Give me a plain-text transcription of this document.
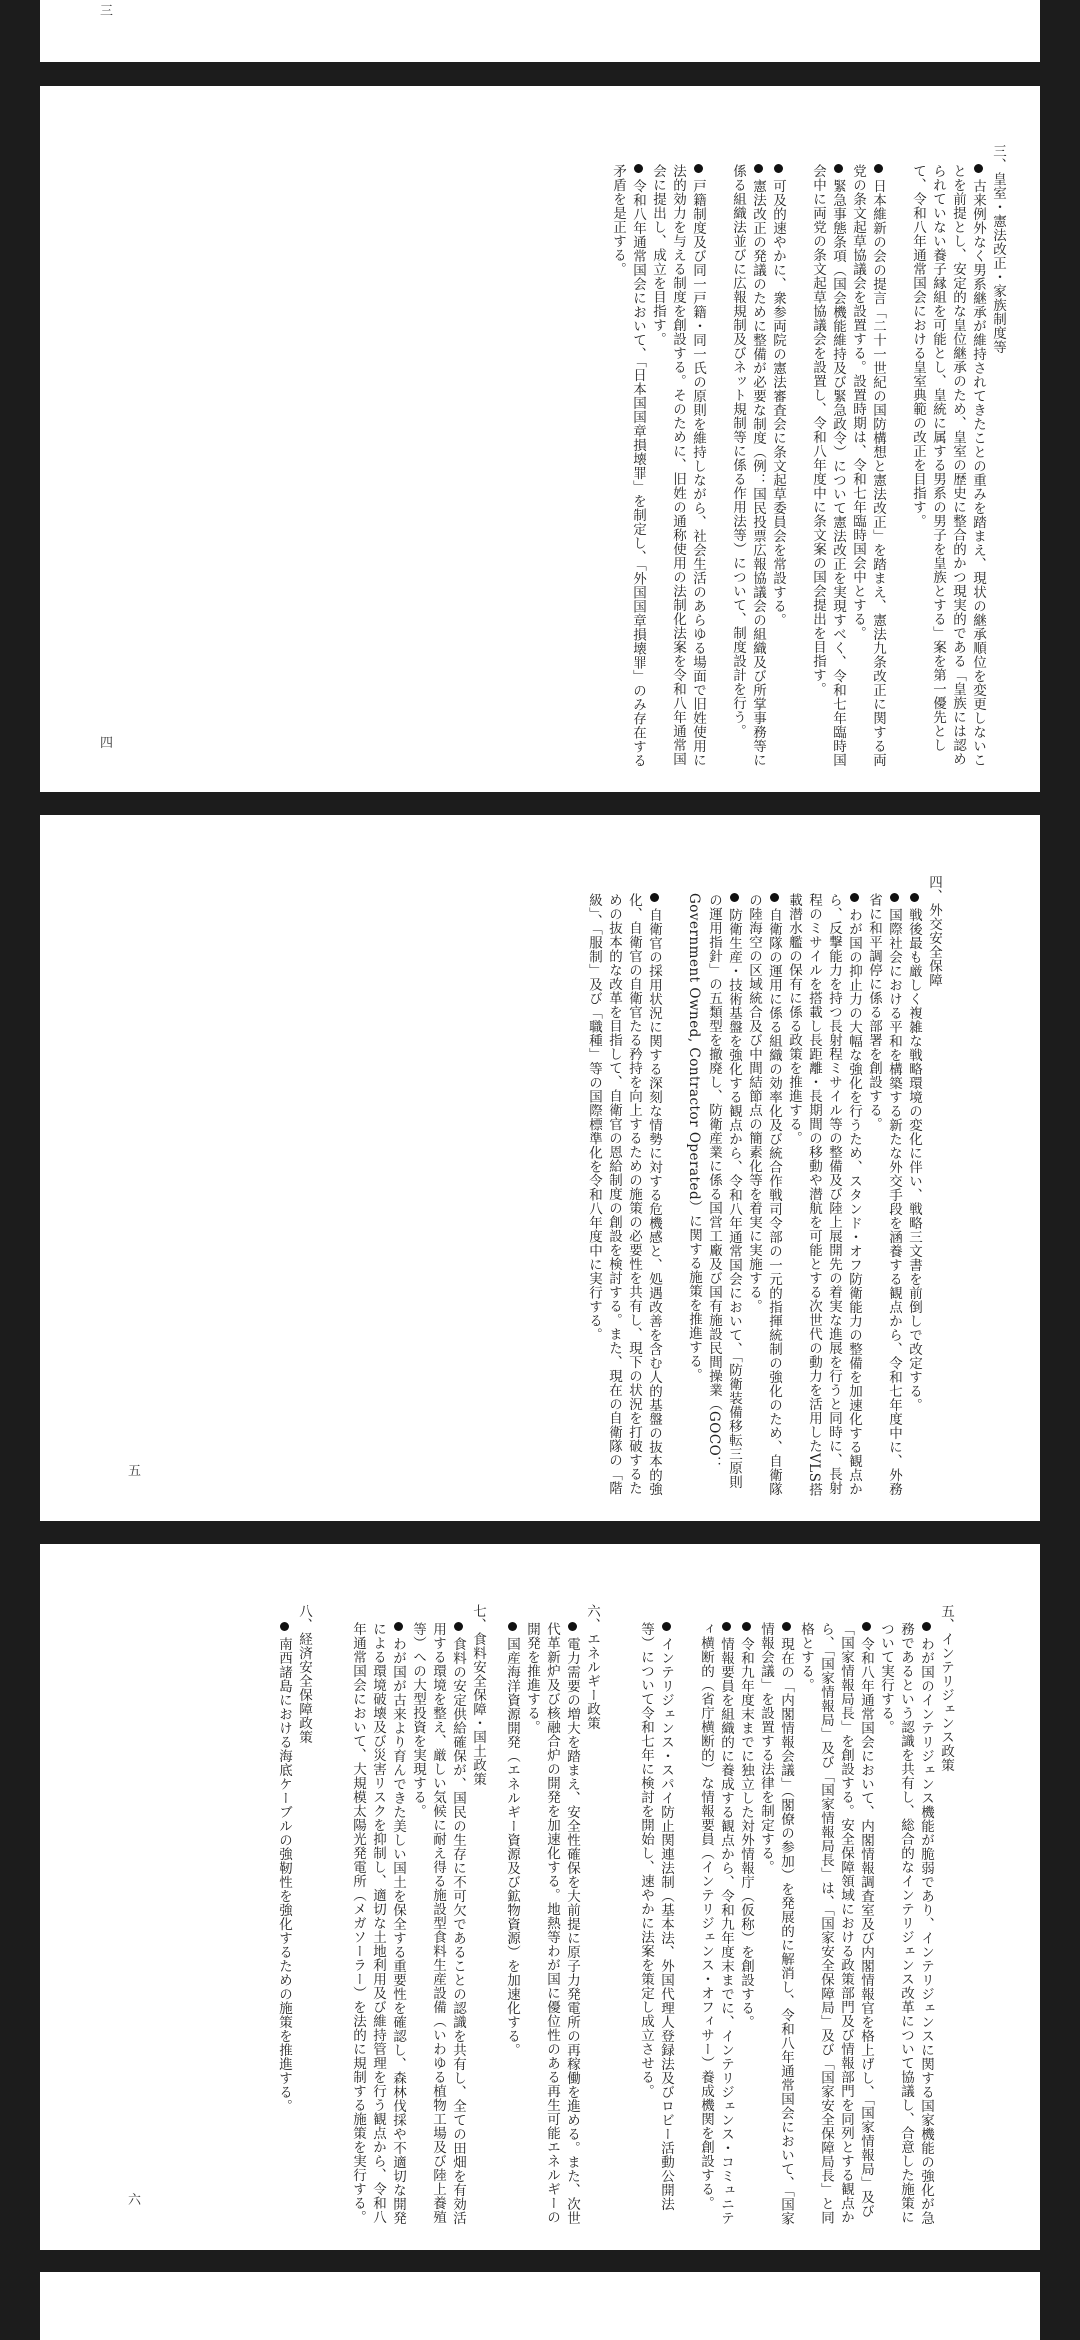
三
三、皇室・憲法改正・家族制度等
四	古来例外なく男系継承が維持されてきたことの重みを踏まえ、現状の継承順位を変更しないことを前提とし、安定的な皇位継承のため、皇室の歴史に整合的かつ現実的である「皇族には認められていない養子縁組を可能とし、皇統に属する男系の男子を皇族とする」案を第一優先として、令和八年通常国会における皇室典範の改正を目指す。
日本維新の会の提言「二十一世紀の国防構想と憲法改正」を踏まえ、憲法九条改正に関する両党の条文起草協議会を設置する。設置時期は、令和七年臨時国会中とする。
緊急事態条項（国会機能維持及び緊急政令）について憲法改正を実現すべく、令和七年臨時国会中に両党の条文起草協議会を設置し、令和八年度中に条文案の国会提出を目指す。
可及的速やかに、衆参両院の憲法審査会に条文起草委員会を常設する。
憲法改正の発議のために整備が必要な制度（例：国民投票広報協議会の組織及び所掌事務等に係る組織法並びに広報規制及びネット規制等に係る作用法等）について、制度設計を行う。
戸籍制度及び同一戸籍・同一氏の原則を維持しながら、社会生活のあらゆる場面で旧姓使用に法的効力を与える制度を創設する。そのために、旧姓の通称使用の法制化法案を令和八年通常国会に提出し、成立を目指す。
令和八年通常国会において、「日本国国章損壊罪」を制定し、「外国国章損壊罪」のみ存在する矛盾を是正する。
四、外交安全保障
五
戦後最も厳しく複雑な戦略環境の変化に伴い、戦略三文書を前倒しで改定する。
国際社会における平和を構築する新たな外交手段を涵養する観点から、令和七年度中に、外務省に和平調停に係る部署を創設する。
わが国の抑止力の大幅な強化を行うため、スタンド・オフ防衛能力の整備を加速化する観点から、反撃能力を持つ長射程ミサイル等の整備及び陸上展開先の着実な進展を行うと同時に、長射程のミサイルを搭載し長距離・長期間の移動や潜航を可能とする次世代の動力を活用したVLS搭載潜水艦の保有に係る政策を推進する。
自衛隊の運用に係る組織の効率化及び統合作戦司令部の一元的指揮統制の強化のため、自衛隊の陸海空の区域統合及び中間結節点の簡素化等を着実に実施する。
防衛生産・技術基盤を強化する観点から、令和八年通常国会において、「防衛装備移転三原則の運用指針」の五類型を撤廃し、防衛産業に係る国営工廠及び国有施設民間操業（GOCO：Government Owned, Contractor Operated）に関する施策を推進する。
自衛官の採用状況に関する深刻な情勢に対する危機感と、処遇改善を含む人的基盤の抜本的強化、自衛官の自衛官たる矜持を向上するための施策の必要性を共有し、現下の状況を打破するための抜本的な改革を目指して、自衛官の恩給制度の創設を検討する。また、現在の自衛隊の「階級」、「服制」及び「職種」等の国際標準化を令和八年度中に実行する。
六
五、インテリジェンス政策
わが国のインテリジェンス機能が脆弱であり、インテリジェンスに関する国家機能の強化が急務であるという認識を共有し、総合的なインテリジェンス改革について協議し、合意した施策について実行する。
令和八年通常国会において、内閣情報調査室及び内閣情報官を格上げし、「国家情報局」及び「国家情報局長」を創設する。安全保障領域における政策部門及び情報部門を同列とする観点から、「国家情報局」及び「国家情報局長」は、「国家安全保障局」及び「国家安全保障局長」と同格とする。
現在の「内閣情報会議」（閣僚の参加）を発展的に解消し、令和八年通常国会において、「国家情報会議」を設置する法律を制定する。
令和九年度末までに独立した対外情報庁（仮称）を創設する。
情報要員を組織的に養成する観点から、令和九年度末までに、インテリジェンス・コミュニティ横断的（省庁横断的）な情報要員（インテリジェンス・オフィサー）養成機関を創設する。
インテリジェンス・スパイ防止関連法制（基本法、外国代理人登録法及びロビー活動公開法等）について令和七年に検討を開始し、速やかに法案を策定し成立させる。
六、エネルギー政策
電力需要の増大を踏まえ、安全性確保を大前提に原子力発電所の再稼働を進める。また、次世代革新炉及び核融合炉の開発を加速化する。地熱等わが国に優位性のある再生可能エネルギーの開発を推進する。
国産海洋資源開発（エネルギー資源及び鉱物資源）を加速化する。
七、食料安全保障・国土政策
食料の安定供給確保が、国民の生存に不可欠であることの認識を共有し、全ての田畑を有効活用する環境を整え、厳しい気候に耐え得る施設型食料生産設備（いわゆる植物工場及び陸上養殖等）への大型投資を実現する。
わが国が古来より育んできた美しい国土を保全する重要性を確認し、森林伐採や不適切な開発による環境破壊及び災害リスクを抑制し、適切な土地利用及び維持管理を行う観点から、令和八年通常国会において、大規模太陽光発電所（メガソーラー）を法的に規制する施策を実行する。
八、経済安全保障政策
南西諸島における海底ケーブルの強靭性を強化するための施策を推進する。
